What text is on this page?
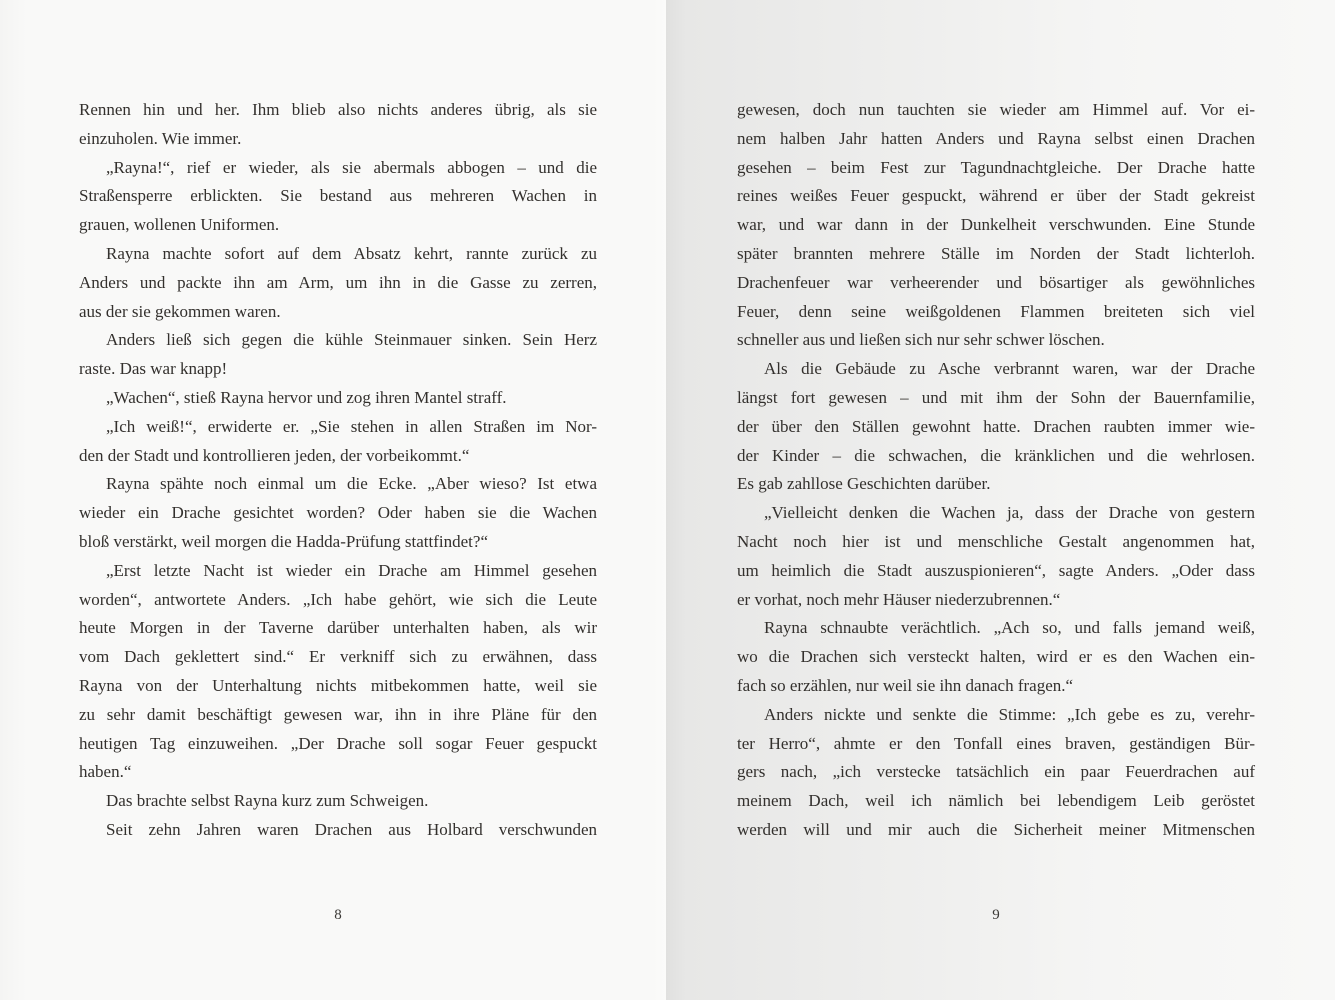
Rennen hin und her. Ihm blieb also nichts anderes übrig, als sie
einzuholen. Wie immer.
„Rayna!“, rief er wieder, als sie abermals abbogen – und die
Straßensperre erblickten. Sie bestand aus mehreren Wachen in
grauen, wollenen Uniformen.
Rayna machte sofort auf dem Absatz kehrt, rannte zurück zu
Anders und packte ihn am Arm, um ihn in die Gasse zu zerren,
aus der sie gekommen waren.
Anders ließ sich gegen die kühle Steinmauer sinken. Sein Herz
raste. Das war knapp!
„Wachen“, stieß Rayna hervor und zog ihren Mantel straff.
„Ich weiß!“, erwiderte er. „Sie stehen in allen Straßen im Nor-
den der Stadt und kontrollieren jeden, der vorbeikommt.“
Rayna spähte noch einmal um die Ecke. „Aber wieso? Ist etwa
wieder ein Drache gesichtet worden? Oder haben sie die Wachen
bloß verstärkt, weil morgen die Hadda-Prüfung stattfindet?“
„Erst letzte Nacht ist wieder ein Drache am Himmel gesehen
worden“, antwortete Anders. „Ich habe gehört, wie sich die Leute
heute Morgen in der Taverne darüber unterhalten haben, als wir
vom Dach geklettert sind.“ Er verkniff sich zu erwähnen, dass
Rayna von der Unterhaltung nichts mitbekommen hatte, weil sie
zu sehr damit beschäftigt gewesen war, ihn in ihre Pläne für den
heutigen Tag einzuweihen. „Der Drache soll sogar Feuer gespuckt
haben.“
Das brachte selbst Rayna kurz zum Schweigen.
Seit zehn Jahren waren Drachen aus Holbard verschwunden
8
gewesen, doch nun tauchten sie wieder am Himmel auf. Vor ei-
nem halben Jahr hatten Anders und Rayna selbst einen Drachen
gesehen – beim Fest zur Tagundnachtgleiche. Der Drache hatte
reines weißes Feuer gespuckt, während er über der Stadt gekreist
war, und war dann in der Dunkelheit verschwunden. Eine Stunde
später brannten mehrere Ställe im Norden der Stadt lichterloh.
Drachenfeuer war verheerender und bösartiger als gewöhnliches
Feuer, denn seine weißgoldenen Flammen breiteten sich viel
schneller aus und ließen sich nur sehr schwer löschen.
Als die Gebäude zu Asche verbrannt waren, war der Drache
längst fort gewesen – und mit ihm der Sohn der Bauernfamilie,
der über den Ställen gewohnt hatte. Drachen raubten immer wie-
der Kinder – die schwachen, die kränklichen und die wehrlosen.
Es gab zahllose Geschichten darüber.
„Vielleicht denken die Wachen ja, dass der Drache von gestern
Nacht noch hier ist und menschliche Gestalt angenommen hat,
um heimlich die Stadt auszuspionieren“, sagte Anders. „Oder dass
er vorhat, noch mehr Häuser niederzubrennen.“
Rayna schnaubte verächtlich. „Ach so, und falls jemand weiß,
wo die Drachen sich versteckt halten, wird er es den Wachen ein-
fach so erzählen, nur weil sie ihn danach fragen.“
Anders nickte und senkte die Stimme: „Ich gebe es zu, verehr-
ter Herro“, ahmte er den Tonfall eines braven, geständigen Bür-
gers nach, „ich verstecke tatsächlich ein paar Feuerdrachen auf
meinem Dach, weil ich nämlich bei lebendigem Leib geröstet
werden will und mir auch die Sicherheit meiner Mitmenschen
9
